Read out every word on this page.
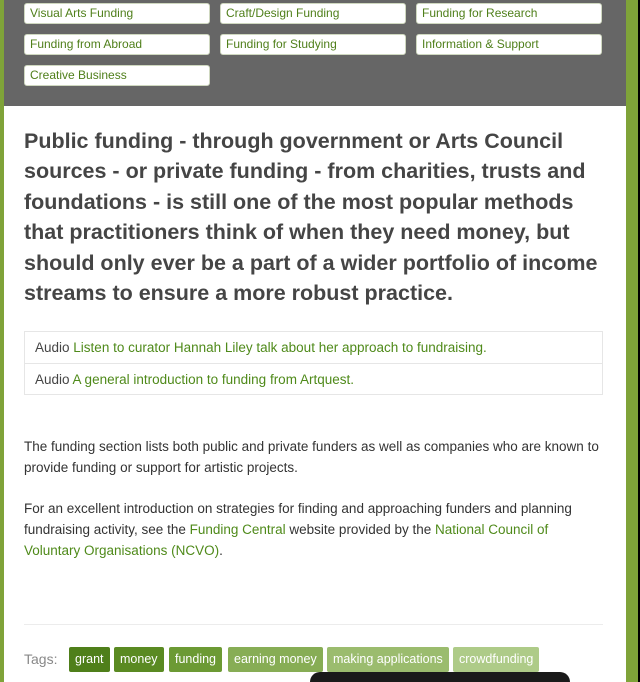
Visual Arts Funding	Craft/Design Funding	Funding for Research
Funding from Abroad	Funding for Studying	Information & Support
Creative Business

Public funding - through government or Arts Council sources - or private funding - from charities, trusts and foundations - is still one of the most popular methods that practitioners think of when they need money, but should only ever be a part of a wider portfolio of income streams to ensure a more robust practice.

Audio Listen to curator Hannah Liley talk about her approach to fundraising.
Audio A general introduction to funding from Artquest.

The funding section lists both public and private funders as well as companies who are known to provide funding or support for artistic projects.

For an excellent introduction on strategies for finding and approaching funders and planning fundraising activity, see the Funding Central website provided by the National Council of Voluntary Organisations (NCVO).

Tags:	grant	money	funding	earning money	making applications	crowdfunding
